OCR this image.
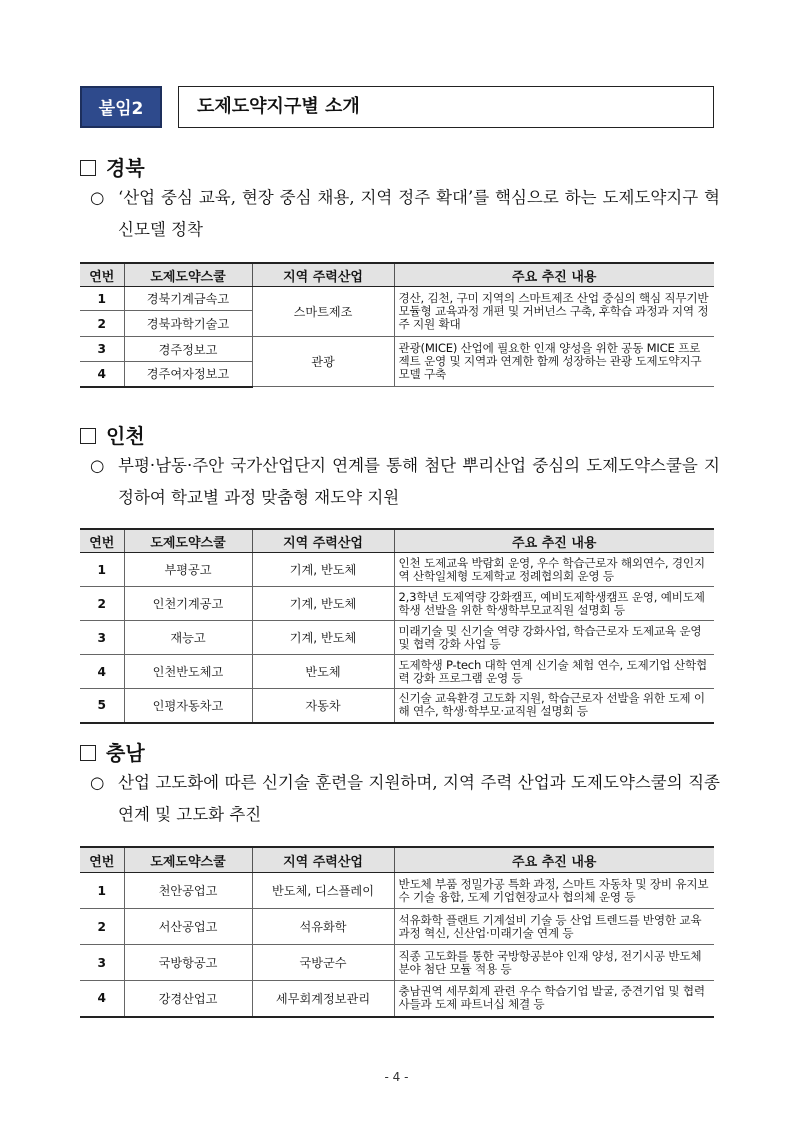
붙임2	도제도약지구별 소개
경북
○ ‘산업 중심 교육, 현장 중심 채용, 지역 정주 확대’를 핵심으로 하는 도제도약지구 혁신모델 정착
연번	도제도약스쿨	지역 주력산업	주요 추진 내용
1	경북기계금속고	스마트제조	경산, 김천, 구미 지역의 스마트제조 산업 중심의 핵심 직무기반 모듈형 교육과정 개편 및 거버넌스 구축, 후학습 과정과 지역 정주 지원 확대
2	경북과학기술고		
3	경주정보고	관광	관광(MICE) 산업에 필요한 인재 양성을 위한 공동 MICE 프로젝트 운영 및 지역과 연계한 함께 성장하는 관광 도제도약지구 모델 구축
4	경주여자정보고		
인천
○ 부평·남동·주안 국가산업단지 연계를 통해 첨단 뿌리산업 중심의 도제도약스쿨을 지정하여 학교별 과정 맞춤형 재도약 지원
연번	도제도약스쿨	지역 주력산업	주요 추진 내용
1	부평공고	기계, 반도체	인천 도제교육 박람회 운영, 우수 학습근로자 해외연수, 경인지역 산학일체형 도제학교 정례협의회 운영 등
2	인천기계공고	기계, 반도체	2,3학년 도제역량 강화캠프, 예비도제학생캠프 운영, 예비도제학생 선발을 위한 학생학부모교직원 설명회 등
3	재능고	기계, 반도체	미래기술 및 신기술 역량 강화사업, 학습근로자 도제교육 운영 및 협력 강화 사업 등
4	인천반도체고	반도체	도제학생 P-tech 대학 연계 신기술 체험 연수, 도제기업 산학협력 강화 프로그램 운영 등
5	인평자동차고	자동차	신기술 교육환경 고도화 지원, 학습근로자 선발을 위한 도제 이해 연수, 학생·학부모·교직원 설명회 등
충남
○ 산업 고도화에 따른 신기술 훈련을 지원하며, 지역 주력 산업과 도제도약스쿨의 직종 연계 및 고도화 추진
연번	도제도약스쿨	지역 주력산업	주요 추진 내용
1	천안공업고	반도체, 디스플레이	반도체 부품 정밀가공 특화 과정, 스마트 자동차 및 장비 유지보수 기술 융합, 도제 기업현장교사 협의체 운영 등
2	서산공업고	석유화학	석유화학 플랜트 기계설비 기술 등 산업 트렌드를 반영한 교육과정 혁신, 신산업·미래기술 연계 등
3	국방항공고	국방군수	직종 고도화를 통한 국방항공분야 인재 양성, 전기시공 반도체 분야 첨단 모듈 적용 등
4	강경산업고	세무회계정보관리	충남권역 세무회계 관련 우수 학습기업 발굴, 중견기업 및 협력사들과 도제 파트너십 체결 등
- 4 -
